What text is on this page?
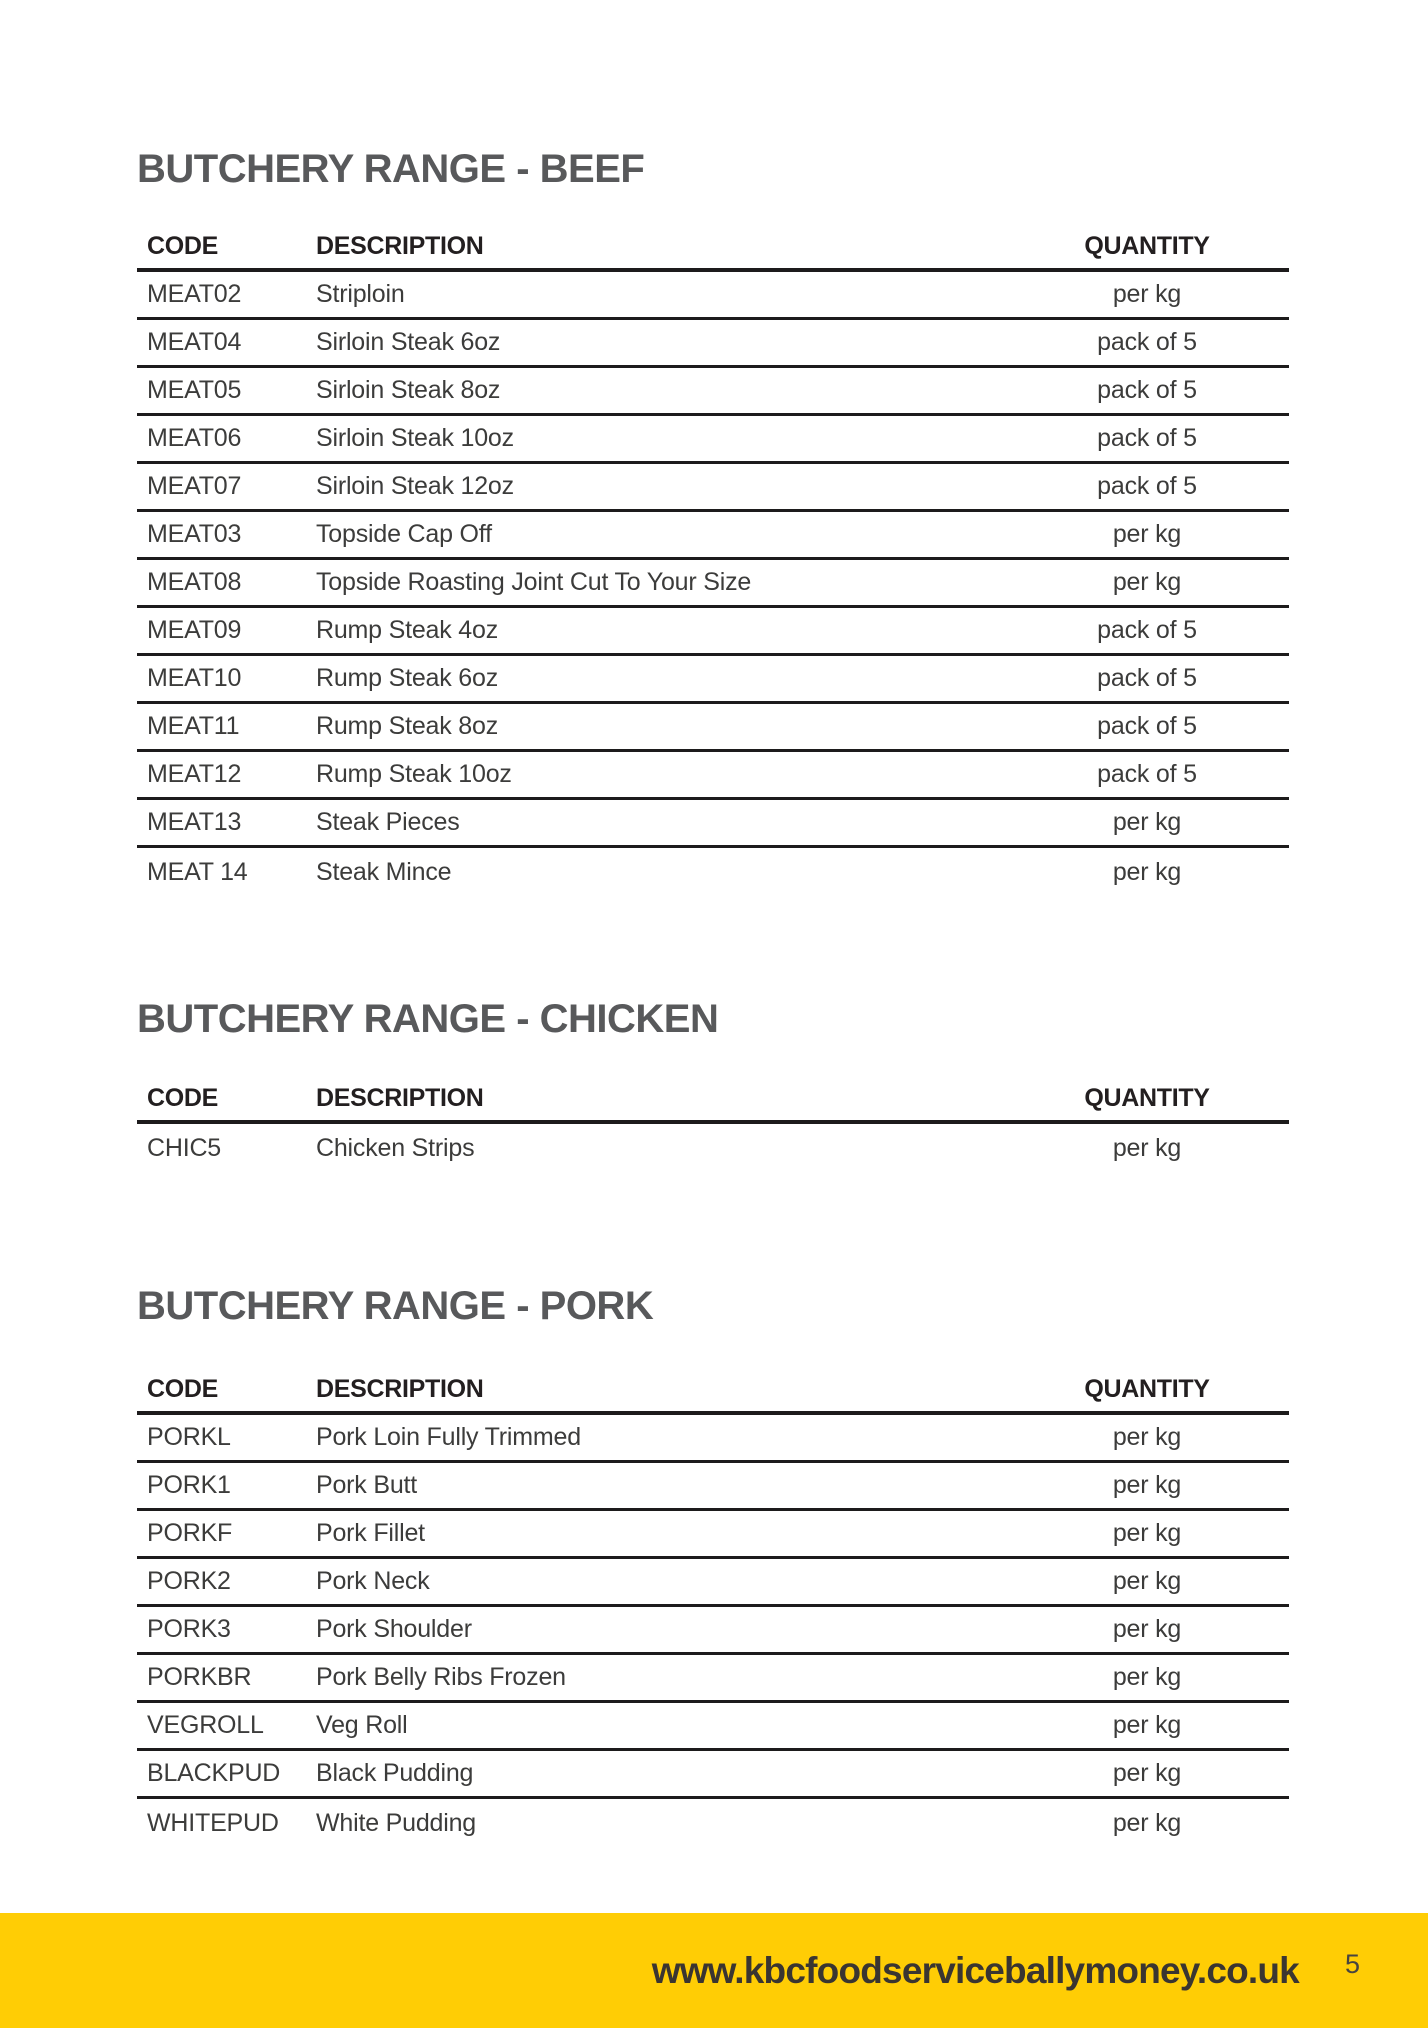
BUTCHERY RANGE - BEEF
CODE	DESCRIPTION	QUANTITY
MEAT02	Striploin	per kg
MEAT04	Sirloin Steak 6oz	pack of 5
MEAT05	Sirloin Steak 8oz	pack of 5
MEAT06	Sirloin Steak 10oz	pack of 5
MEAT07	Sirloin Steak 12oz	pack of 5
MEAT03	Topside Cap Off	per kg
MEAT08	Topside Roasting Joint Cut To Your Size	per kg
MEAT09	Rump Steak 4oz	pack of 5
MEAT10	Rump Steak 6oz	pack of 5
MEAT11	Rump Steak 8oz	pack of 5
MEAT12	Rump Steak 10oz	pack of 5
MEAT13	Steak Pieces	per kg
MEAT 14	Steak Mince	per kg
BUTCHERY RANGE - CHICKEN
CODE	DESCRIPTION	QUANTITY
CHIC5	Chicken Strips	per kg
BUTCHERY RANGE - PORK
CODE	DESCRIPTION	QUANTITY
PORKL	Pork Loin Fully Trimmed	per kg
PORK1	Pork Butt	per kg
PORKF	Pork Fillet	per kg
PORK2	Pork Neck	per kg
PORK3	Pork Shoulder	per kg
PORKBR	Pork Belly Ribs Frozen	per kg
VEGROLL	Veg Roll	per kg
BLACKPUD	Black Pudding	per kg
WHITEPUD	White Pudding	per kg
www.kbcfoodserviceballymoney.co.uk 5
